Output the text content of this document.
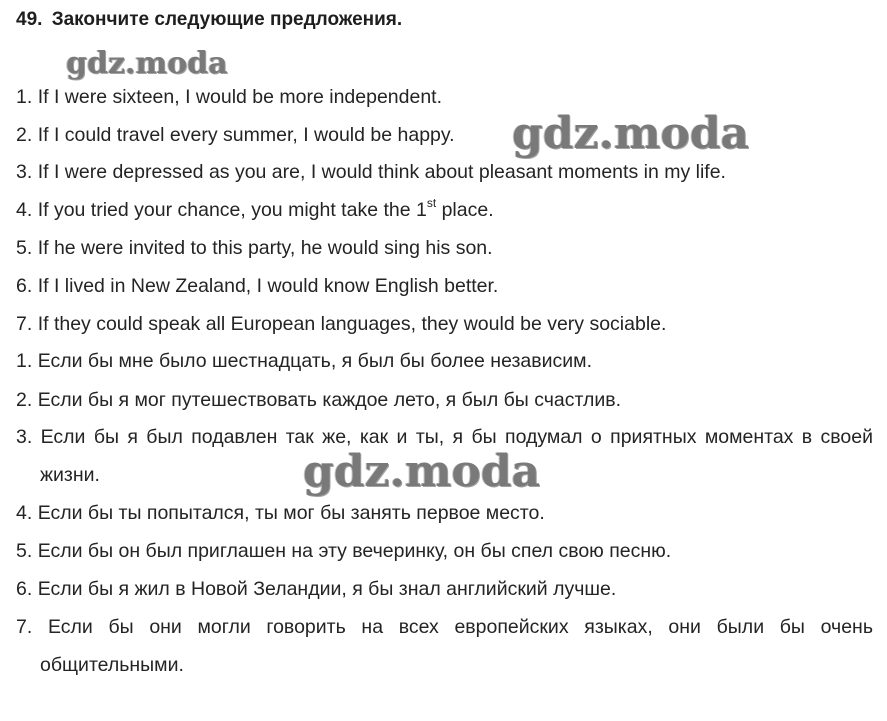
49. Закончите следующие предложения.
1. If I were sixteen, I would be more independent.
2. If I could travel every summer, I would be happy.
3. If I were depressed as you are, I would think about pleasant moments in my life.
4. If you tried your chance, you might take the 1st place.
5. If he were invited to this party, he would sing his son.
6. If I lived in New Zealand, I would know English better.
7. If they could speak all European languages, they would be very sociable.
1. Если бы мне было шестнадцать, я был бы более независим.
2. Если бы я мог путешествовать каждое лето, я был бы счастлив.
3. Если бы я был подавлен так же, как и ты, я бы подумал о приятных моментах в своей жизни.
4. Если бы ты попытался, ты мог бы занять первое место.
5. Если бы он был приглашен на эту вечеринку, он бы спел свою песню.
6. Если бы я жил в Новой Зеландии, я бы знал английский лучше.
7. Если бы они могли говорить на всех европейских языках, они были бы очень общительными.
gdz.moda
gdz.moda
gdz.moda
